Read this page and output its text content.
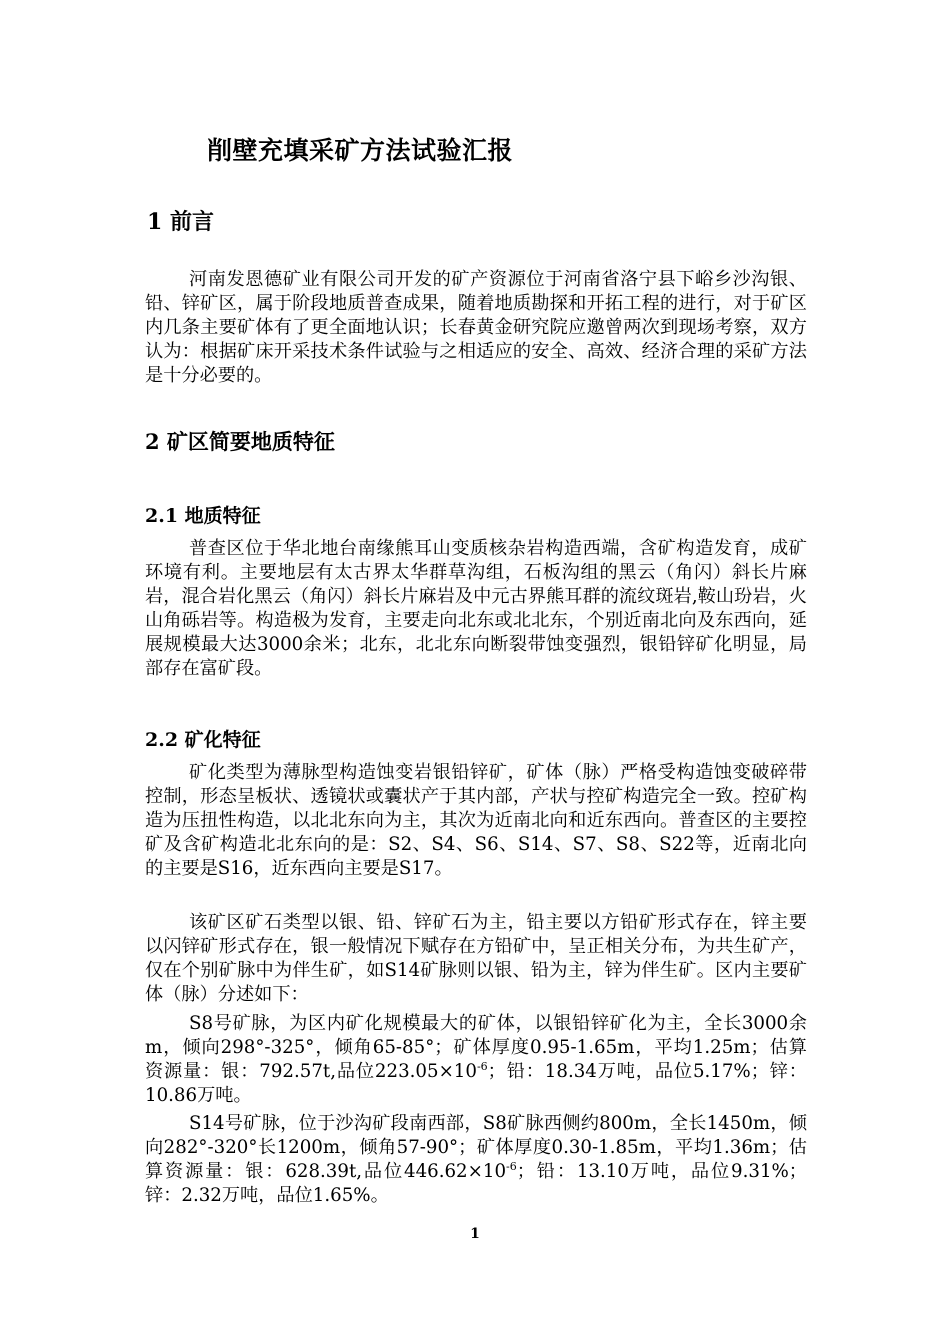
削壁充填采矿方法试验汇报
1 前言

河南发恩德矿业有限公司开发的矿产资源位于河南省洛宁县下峪乡沙沟银、铅、锌矿区，属于阶段地质普查成果，随着地质勘探和开拓工程的进行，对于矿区内几条主要矿体有了更全面地认识；长春黄金研究院应邀曾两次到现场考察，双方认为：根据矿床开采技术条件试验与之相适应的安全、高效、经济合理的采矿方法是十分必要的。

2 矿区简要地质特征
2.1 地质特征

普查区位于华北地台南缘熊耳山变质核杂岩构造西端，含矿构造发育，成矿环境有利。主要地层有太古界太华群草沟组，石板沟组的黑云（角闪）斜长片麻岩，混合岩化黑云（角闪）斜长片麻岩及中元古界熊耳群的流纹斑岩,鞍山玢岩，火山角砾岩等。构造极为发育，主要走向北东或北北东，个别近南北向及东西向，延展规模最大达3000余米；北东，北北东向断裂带蚀变强烈，银铅锌矿化明显，局部存在富矿段。

2.2 矿化特征

矿化类型为薄脉型构造蚀变岩银铅锌矿，矿体（脉）严格受构造蚀变破碎带控制，形态呈板状、透镜状或囊状产于其内部，产状与控矿构造完全一致。控矿构造为压扭性构造，以北北东向为主，其次为近南北向和近东西向。普查区的主要控矿及含矿构造北北东向的是：S2、S4、S6、S14、S7、S8、S22等，近南北向的主要是S16，近东西向主要是S17。

该矿区矿石类型以银、铅、锌矿石为主，铅主要以方铅矿形式存在，锌主要以闪锌矿形式存在，银一般情况下赋存在方铅矿中，呈正相关分布，为共生矿产，仅在个别矿脉中为伴生矿，如S14矿脉则以银、铅为主，锌为伴生矿。区内主要矿体（脉）分述如下：

S8号矿脉，为区内矿化规模最大的矿体，以银铅锌矿化为主，全长3000余m，倾向298°-325°，倾角65-85°；矿体厚度0.95-1.65m，平均1.25m；估算资源量：银：792.57t,品位$223.05\times 10^{-6}$；铅：18.34万吨，品位5.17%；锌：10.86万吨。

S14号矿脉，位于沙沟矿段南西部，S8矿脉西侧约800m，全长1450m，倾向282°-320°长1200m，倾角57-90°；矿体厚度0.30-1.85m，平均1.36m；估算资源量：银：628.39t,品位$446.62\times 10^{-6}$；铅：13.10万吨，品位9.31%；锌：2.32万吨，品位1.65%。

1
